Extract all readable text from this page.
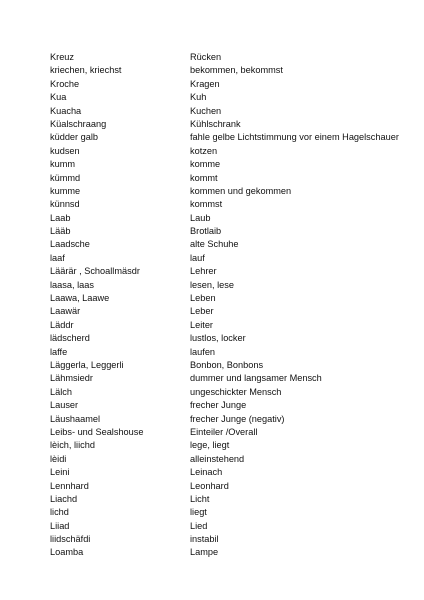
Kreuz	Rücken
kriechen, kriechst	bekommen, bekommst
Kroche	Kragen
Kua	Kuh
Kuacha	Kuchen
Küalschraang	Kühlschrank
küdder galb	fahle gelbe Lichtstimmung vor einem Hagelschauer
kudsen	kotzen
kumm	komme
kümmd	kommt
kumme	kommen und gekommen
künnsd	kommst
Laab	Laub
Lääb	Brotlaib
Laadsche	alte Schuhe
laaf	lauf
Läärär , Schoallmäsdr	Lehrer
laasa, laas	lesen, lese
Laawa, Laawe	Leben
Laawär	Leber
Läddr	Leiter
lädscherd	lustlos, locker
laffe	laufen
Läggerla, Leggerli	Bonbon, Bonbons
Lähmsiedr	dummer und langsamer Mensch
Lälch	ungeschickter Mensch
Lauser	frecher Junge
Läushaamel	frecher Junge (negativ)
Leibs- und Sealshouse	Einteiler /Overall
lèich, liichd	lege, liegt
lèidi	alleinstehend
Leini	Leinach
Lennhard	Leonhard
Liachd	Licht
lichd	liegt
Liiad	Lied
liidschäfdi	instabil
Loamba	Lampe
